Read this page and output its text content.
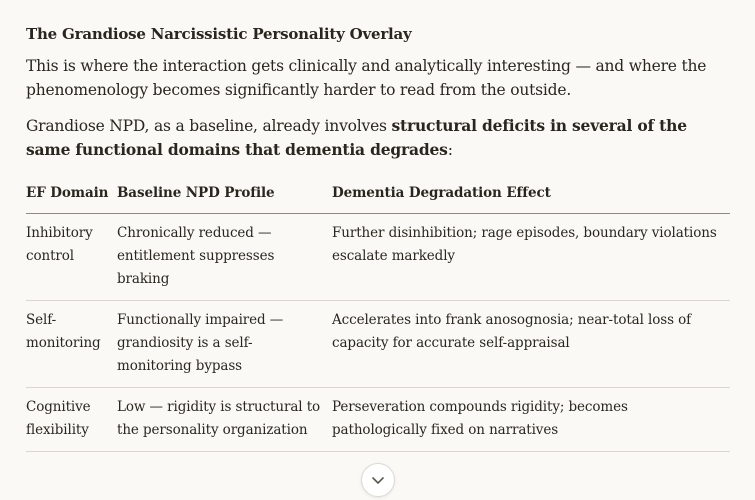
The Grandiose Narcissistic Personality Overlay

This is where the interaction gets clinically and analytically interesting — and where the phenomenology becomes significantly harder to read from the outside.

Grandiose NPD, as a baseline, already involves structural deficits in several of the same functional domains that dementia degrades:

EF Domain	Baseline NPD Profile	Dementia Degradation Effect
Inhibitory control	Chronically reduced — entitlement suppresses braking	Further disinhibition; rage episodes, boundary violations escalate markedly
Self-monitoring	Functionally impaired — grandiosity is a self-monitoring bypass	Accelerates into frank anosognosia; near-total loss of capacity for accurate self-appraisal
Cognitive flexibility	Low — rigidity is structural to the personality organization	Perseveration compounds rigidity; becomes pathologically fixed on narratives
